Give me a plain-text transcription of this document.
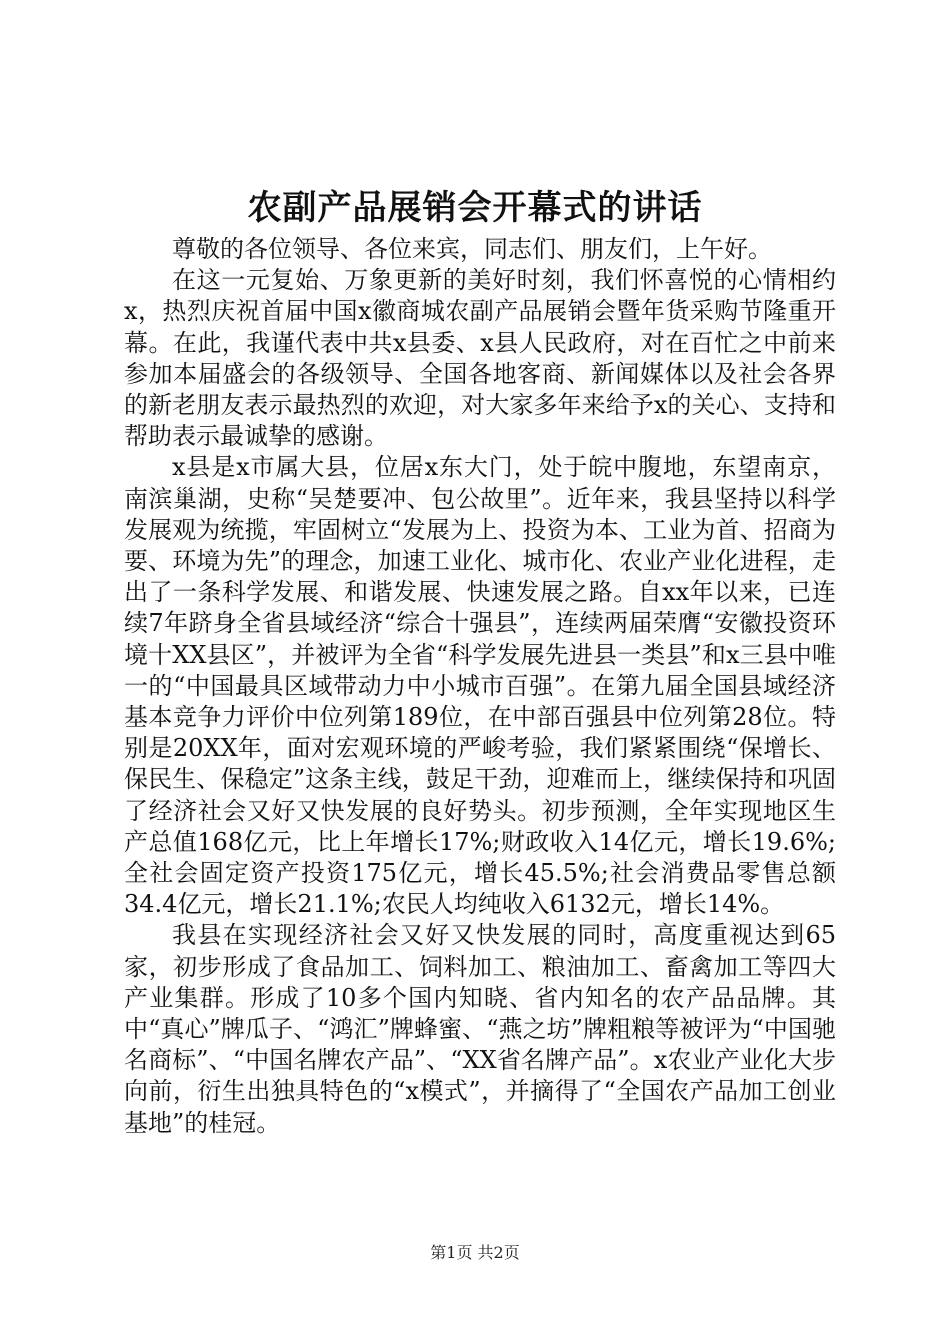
农副产品展销会开幕式的讲话

尊敬的各位领导、各位来宾，同志们、朋友们，上午好。

在这一元复始、万象更新的美好时刻，我们怀喜悦的心情相约x，热烈庆祝首届中国x徽商城农副产品展销会暨年货采购节隆重开幕。在此，我谨代表中共x县委、x县人民政府，对在百忙之中前来参加本届盛会的各级领导、全国各地客商、新闻媒体以及社会各界的新老朋友表示最热烈的欢迎，对大家多年来给予x的关心、支持和帮助表示最诚挚的感谢。

x县是x市属大县，位居x东大门，处于皖中腹地，东望南京，南滨巢湖，史称“吴楚要冲、包公故里”。近年来，我县坚持以科学发展观为统揽，牢固树立“发展为上、投资为本、工业为首、招商为要、环境为先”的理念，加速工业化、城市化、农业产业化进程，走出了一条科学发展、和谐发展、快速发展之路。自xx年以来，已连续7年跻身全省县域经济“综合十强县”，连续两届荣膺“安徽投资环境十XX县区”，并被评为全省“科学发展先进县一类县”和x三县中唯一的“中国最具区域带动力中小城市百强”。在第九届全国县域经济基本竞争力评价中位列第189位，在中部百强县中位列第28位。特别是20XX年，面对宏观环境的严峻考验，我们紧紧围绕“保增长、保民生、保稳定”这条主线，鼓足干劲，迎难而上，继续保持和巩固了经济社会又好又快发展的良好势头。初步预测，全年实现地区生产总值168亿元，比上年增长17%;财政收入14亿元，增长19.6%;全社会固定资产投资175亿元，增长45.5%;社会消费品零售总额34.4亿元，增长21.1%;农民人均纯收入6132元，增长14%。

我县在实现经济社会又好又快发展的同时，高度重视达到65家，初步形成了食品加工、饲料加工、粮油加工、畜禽加工等四大产业集群。形成了10多个国内知晓、省内知名的农产品品牌。其中“真心”牌瓜子、“鸿汇”牌蜂蜜、“燕之坊”牌粗粮等被评为“中国驰名商标”、“中国名牌农产品”、“XX省名牌产品”。x农业产业化大步向前，衍生出独具特色的“x模式”，并摘得了“全国农产品加工创业基地”的桂冠。

第1页 共2页
